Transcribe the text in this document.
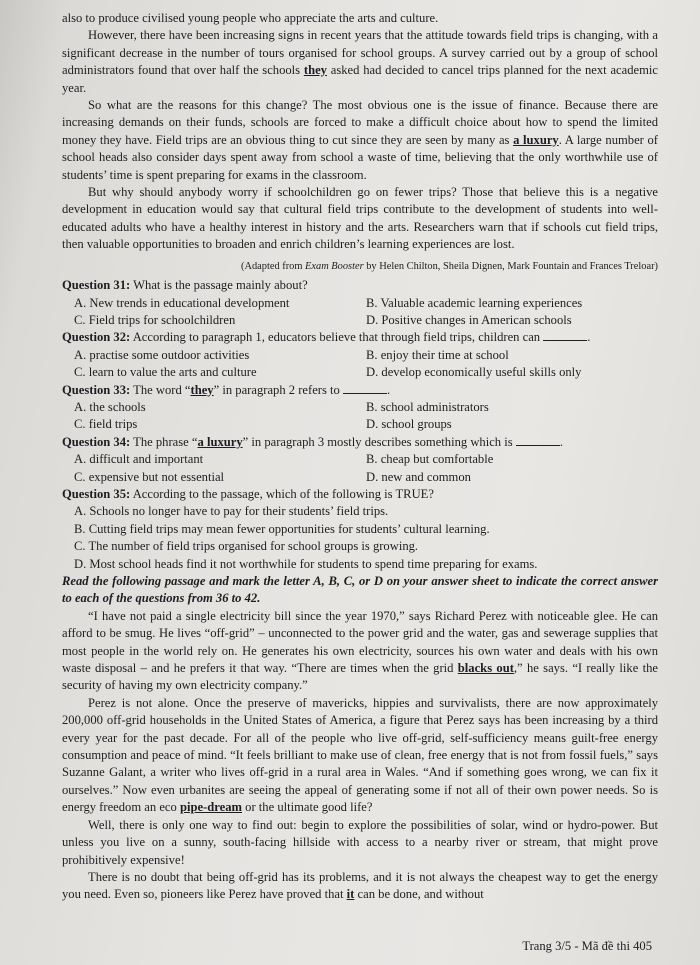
also to produce civilised young people who appreciate the arts and culture.

However, there have been increasing signs in recent years that the attitude towards field trips is changing, with a significant decrease in the number of tours organised for school groups. A survey carried out by a group of school administrators found that over half the schools they asked had decided to cancel trips planned for the next academic year.

So what are the reasons for this change? The most obvious one is the issue of finance. Because there are increasing demands on their funds, schools are forced to make a difficult choice about how to spend the limited money they have. Field trips are an obvious thing to cut since they are seen by many as a luxury. A large number of school heads also consider days spent away from school a waste of time, believing that the only worthwhile use of students’ time is spent preparing for exams in the classroom.

But why should anybody worry if schoolchildren go on fewer trips? Those that believe this is a negative development in education would say that cultural field trips contribute to the development of students into well-educated adults who have a healthy interest in history and the arts. Researchers warn that if schools cut field trips, then valuable opportunities to broaden and enrich children’s learning experiences are lost.

(Adapted from Exam Booster by Helen Chilton, Sheila Dignen, Mark Fountain and Frances Treloar)

Question 31: What is the passage mainly about?
A. New trends in educational development	B. Valuable academic learning experiences
C. Field trips for schoolchildren	D. Positive changes in American schools
Question 32: According to paragraph 1, educators believe that through field trips, children can	.
A. practise some outdoor activities	B. enjoy their time at school
C. learn to value the arts and culture	D. develop economically useful skills only
Question 33: The word “they” in paragraph 2 refers to	.
A. the schools	B. school administrators
C. field trips	D. school groups
Question 34: The phrase “a luxury” in paragraph 3 mostly describes something which is	.
A. difficult and important	B. cheap but comfortable
C. expensive but not essential	D. new and common
Question 35: According to the passage, which of the following is TRUE?
A. Schools no longer have to pay for their students’ field trips.
B. Cutting field trips may mean fewer opportunities for students’ cultural learning.
C. The number of field trips organised for school groups is growing.
D. Most school heads find it not worthwhile for students to spend time preparing for exams.

Read the following passage and mark the letter A, B, C, or D on your answer sheet to indicate the correct answer to each of the questions from 36 to 42.

“I have not paid a single electricity bill since the year 1970,” says Richard Perez with noticeable glee. He can afford to be smug. He lives “off-grid” – unconnected to the power grid and the water, gas and sewerage supplies that most people in the world rely on. He generates his own electricity, sources his own water and deals with his own waste disposal – and he prefers it that way. “There are times when the grid blacks out,” he says. “I really like the security of having my own electricity company.”

Perez is not alone. Once the preserve of mavericks, hippies and survivalists, there are now approximately 200,000 off-grid households in the United States of America, a figure that Perez says has been increasing by a third every year for the past decade. For all of the people who live off-grid, self-sufficiency means guilt-free energy consumption and peace of mind. “It feels brilliant to make use of clean, free energy that is not from fossil fuels,” says Suzanne Galant, a writer who lives off-grid in a rural area in Wales. “And if something goes wrong, we can fix it ourselves.” Now even urbanites are seeing the appeal of generating some if not all of their own power needs. So is energy freedom an eco pipe-dream or the ultimate good life?

Well, there is only one way to find out: begin to explore the possibilities of solar, wind or hydro-power. But unless you live on a sunny, south-facing hillside with access to a nearby river or stream, that might prove prohibitively expensive!

There is no doubt that being off-grid has its problems, and it is not always the cheapest way to get the energy you need. Even so, pioneers like Perez have proved that it can be done, and without

Trang 3/5 - Mã đề thi 405
